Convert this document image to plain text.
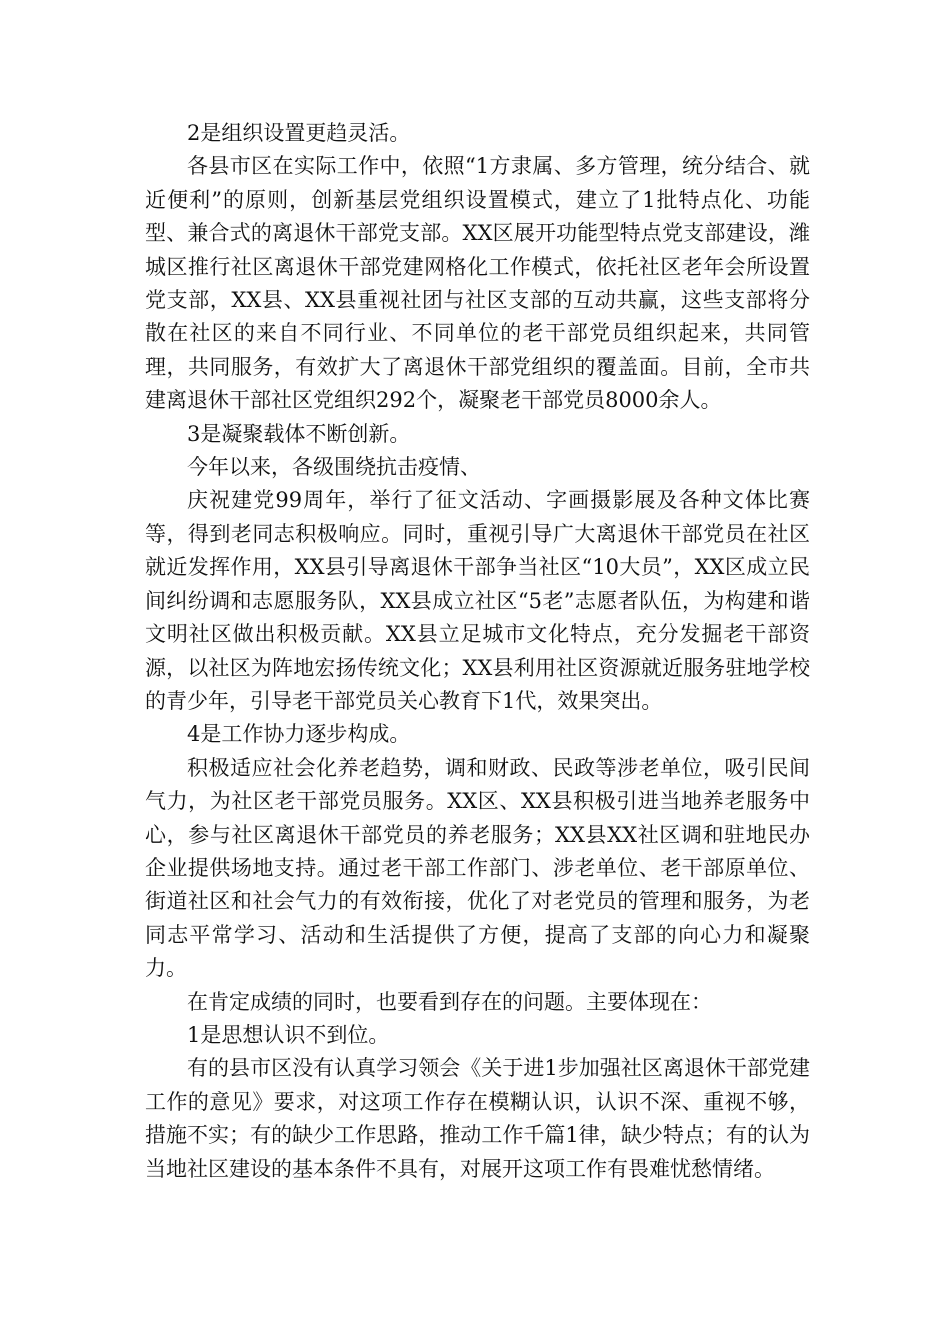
2是组织设置更趋灵活。

各县市区在实际工作中，依照“1方隶属、多方管理，统分结合、就近便利”的原则，创新基层党组织设置模式，建立了1批特点化、功能型、兼合式的离退休干部党支部。XX区展开功能型特点党支部建设，潍城区推行社区离退休干部党建网格化工作模式，依托社区老年会所设置党支部，XX县、XX县重视社团与社区支部的互动共赢，这些支部将分散在社区的来自不同行业、不同单位的老干部党员组织起来，共同管理，共同服务，有效扩大了离退休干部党组织的覆盖面。目前，全市共建离退休干部社区党组织292个，凝聚老干部党员8000余人。

3是凝聚载体不断创新。

今年以来，各级围绕抗击疫情、

庆祝建党99周年，举行了征文活动、字画摄影展及各种文体比赛等，得到老同志积极响应。同时，重视引导广大离退休干部党员在社区就近发挥作用，XX县引导离退休干部争当社区“10大员”，XX区成立民间纠纷调和志愿服务队，XX县成立社区“5老”志愿者队伍，为构建和谐文明社区做出积极贡献。XX县立足城市文化特点，充分发掘老干部资源，以社区为阵地宏扬传统文化；XX县利用社区资源就近服务驻地学校的青少年，引导老干部党员关心教育下1代，效果突出。

4是工作协力逐步构成。

积极适应社会化养老趋势，调和财政、民政等涉老单位，吸引民间气力，为社区老干部党员服务。XX区、XX县积极引进当地养老服务中心，参与社区离退休干部党员的养老服务；XX县XX社区调和驻地民办企业提供场地支持。通过老干部工作部门、涉老单位、老干部原单位、街道社区和社会气力的有效衔接，优化了对老党员的管理和服务，为老同志平常学习、活动和生活提供了方便，提高了支部的向心力和凝聚力。

在肯定成绩的同时，也要看到存在的问题。主要体现在：

1是思想认识不到位。

有的县市区没有认真学习领会《关于进1步加强社区离退休干部党建工作的意见》要求，对这项工作存在模糊认识，认识不深、重视不够，措施不实；有的缺少工作思路，推动工作千篇1律，缺少特点；有的认为当地社区建设的基本条件不具有，对展开这项工作有畏难忧愁情绪。
